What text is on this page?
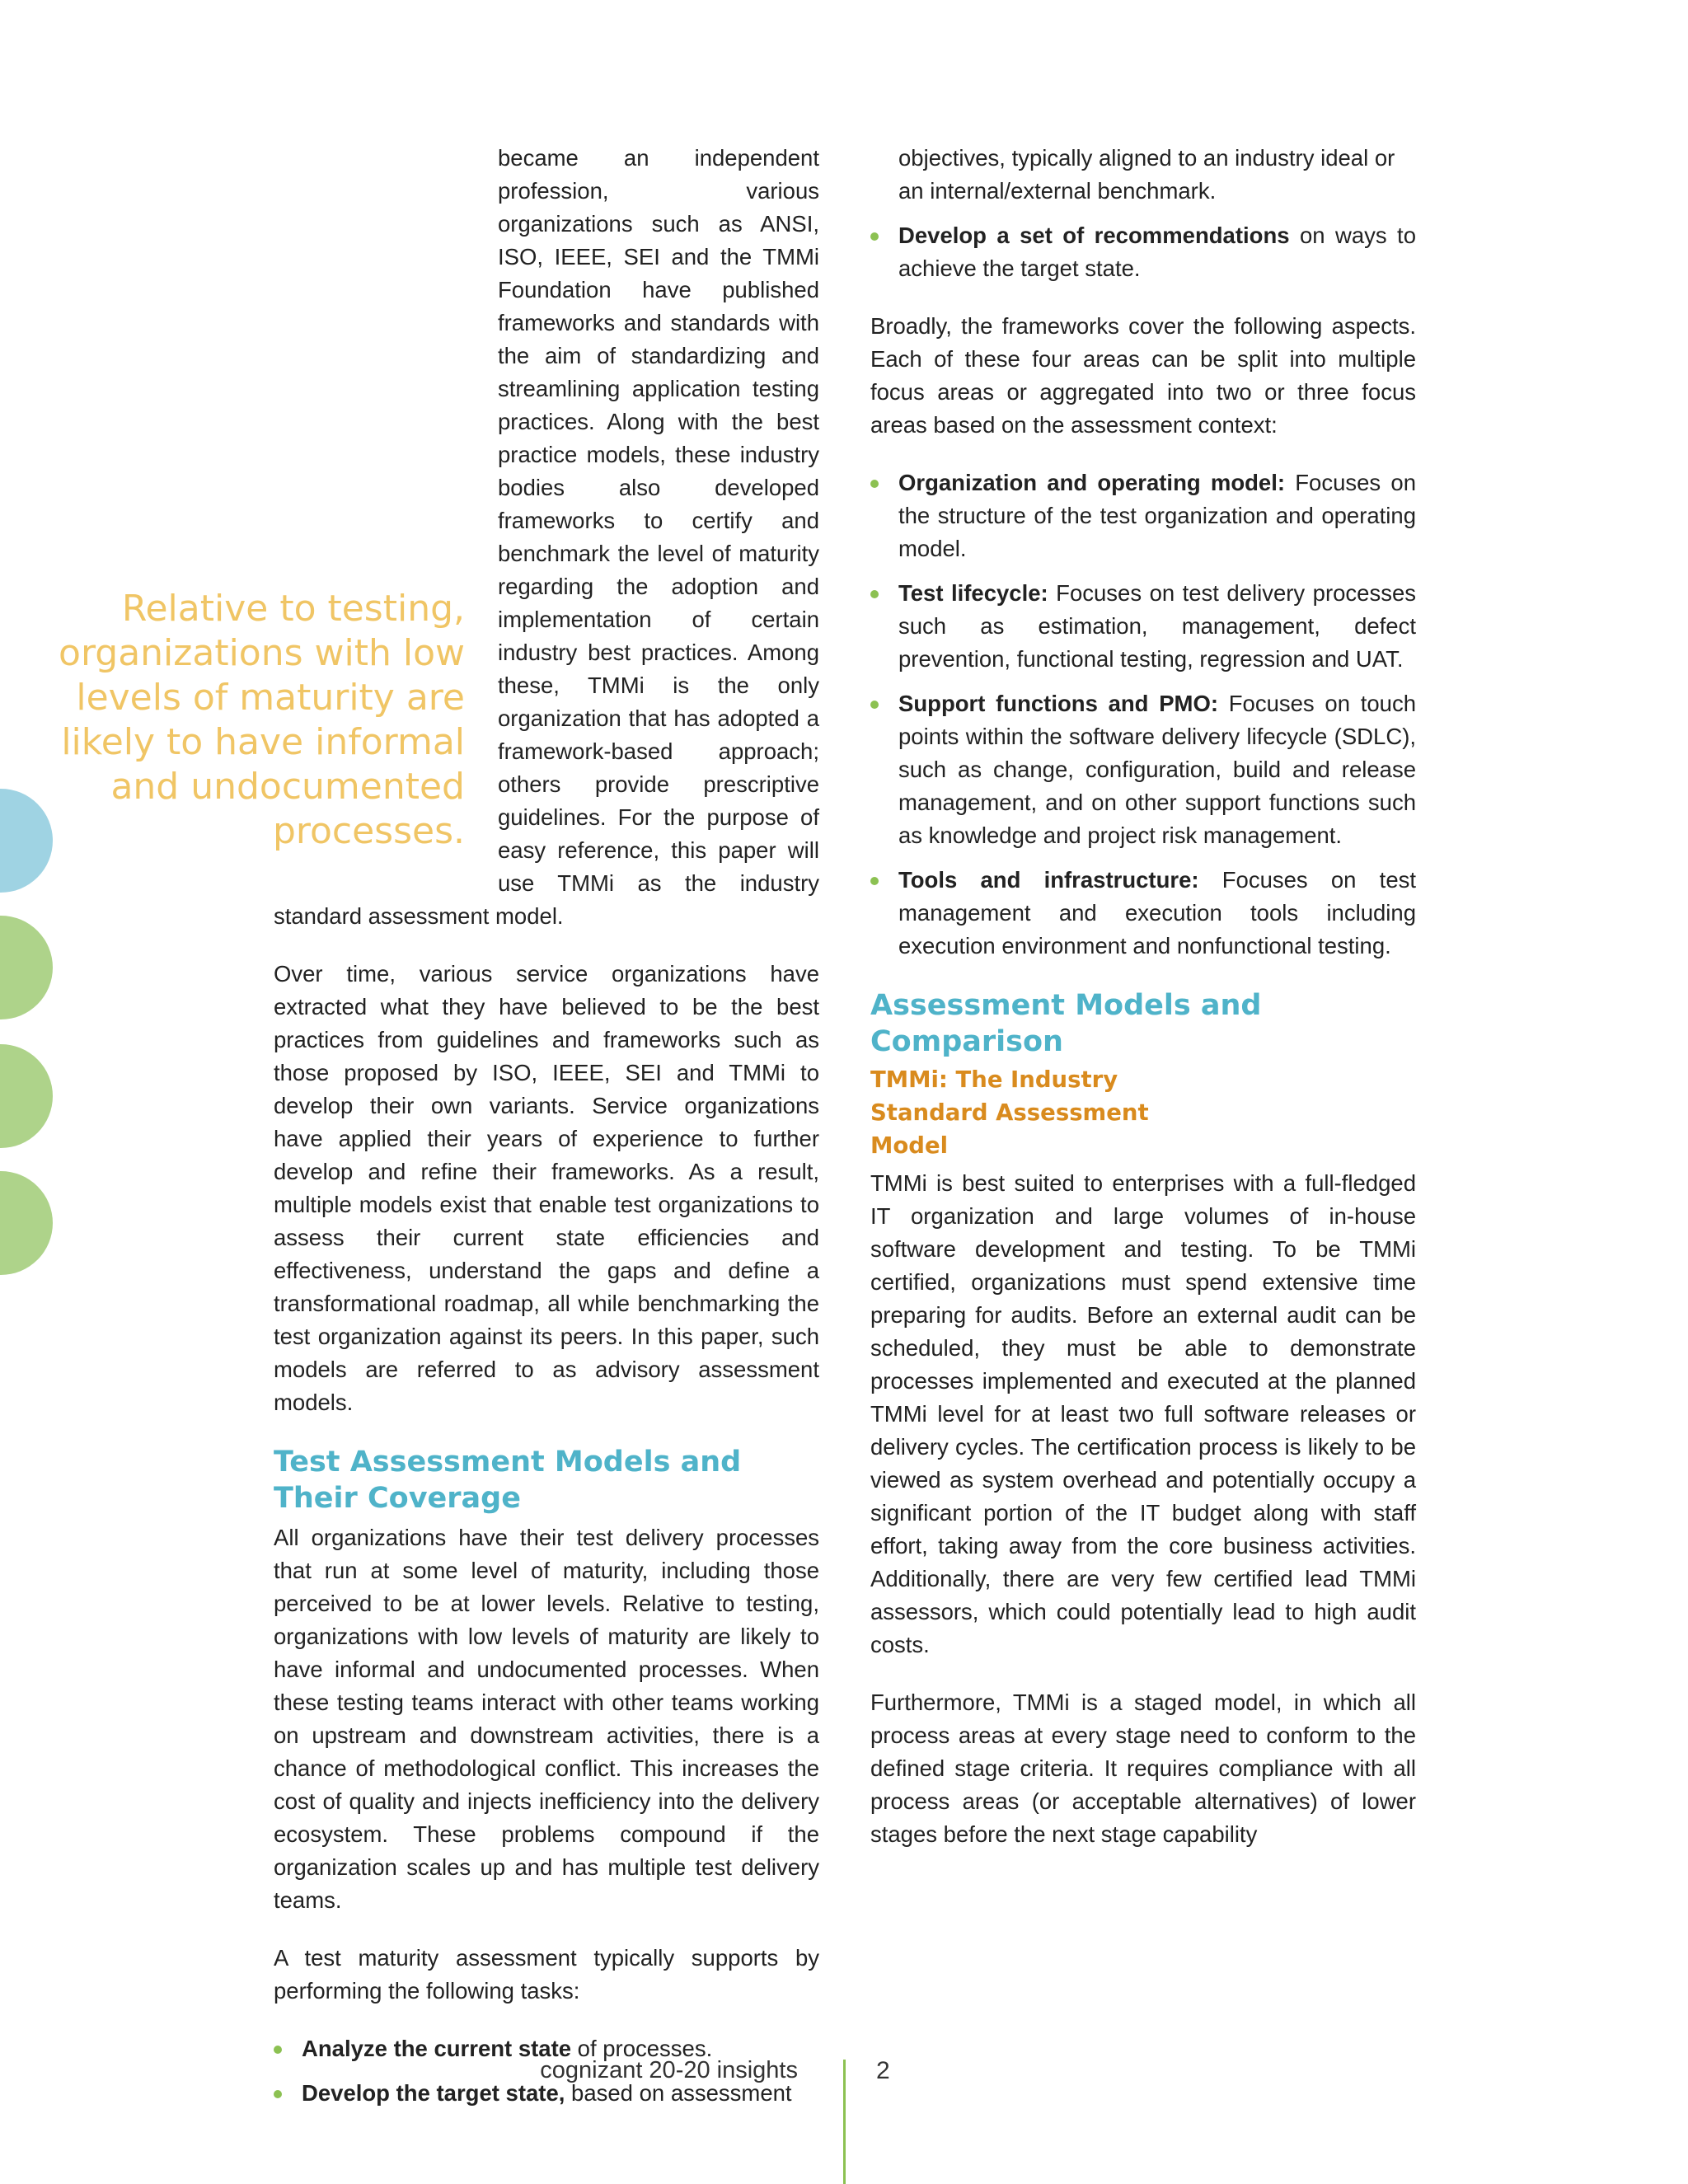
Relative to testing, organizations with low levels of maturity are likely to have informal and undocumented processes.

became an independent profession, various organizations such as ANSI, ISO, IEEE, SEI and the TMMi Foundation have published frameworks and standards with the aim of standardizing and streamlining application testing practices. Along with the best practice models, these industry bodies also developed frameworks to certify and benchmark the level of maturity regarding the adoption and implementation of certain industry best practices. Among these, TMMi is the only organization that has adopted a framework-based approach; others provide prescriptive guidelines. For the purpose of easy reference, this paper will use TMMi as the industry standard assessment model.

Over time, various service organizations have extracted what they have believed to be the best practices from guidelines and frameworks such as those proposed by ISO, IEEE, SEI and TMMi to develop their own variants. Service organizations have applied their years of experience to further develop and refine their frameworks. As a result, multiple models exist that enable test organizations to assess their current state efficiencies and effectiveness, understand the gaps and define a transformational roadmap, all while benchmarking the test organization against its peers. In this paper, such models are referred to as advisory assessment models.

Test Assessment Models and Their Coverage

All organizations have their test delivery processes that run at some level of maturity, including those perceived to be at lower levels. Relative to testing, organizations with low levels of maturity are likely to have informal and undocumented processes. When these testing teams interact with other teams working on upstream and downstream activities, there is a chance of methodological conflict. This increases the cost of quality and injects inefficiency into the delivery ecosystem. These problems compound if the organization scales up and has multiple test delivery teams.

A test maturity assessment typically supports by performing the following tasks:

Analyze the current state of processes.
Develop the target state, based on assessment

objectives, typically aligned to an industry ideal or an internal/external benchmark.

Develop a set of recommendations on ways to achieve the target state.

Broadly, the frameworks cover the following aspects. Each of these four areas can be split into multiple focus areas or aggregated into two or three focus areas based on the assessment context:

Organization and operating model: Focuses on the structure of the test organization and operating model.
Test lifecycle: Focuses on test delivery processes such as estimation, management, defect prevention, functional testing, regression and UAT.
Support functions and PMO: Focuses on touch points within the software delivery lifecycle (SDLC), such as change, configuration, build and release management, and on other support functions such as knowledge and project risk management.
Tools and infrastructure: Focuses on test management and execution tools including execution environment and nonfunctional testing.
Assessment Models and Comparison
TMMi: The Industry Standard Assessment Model

TMMi is best suited to enterprises with a full-fledged IT organization and large volumes of in-house software development and testing. To be TMMi certified, organizations must spend extensive time preparing for audits. Before an external audit can be scheduled, they must be able to demonstrate processes implemented and executed at the planned TMMi level for at least two full software releases or delivery cycles. The certification process is likely to be viewed as system overhead and potentially occupy a significant portion of the IT budget along with staff effort, taking away from the core business activities. Additionally, there are very few certified lead TMMi assessors, which could potentially lead to high audit costs.

Furthermore, TMMi is a staged model, in which all process areas at every stage need to conform to the defined stage criteria. It requires compliance with all process areas (or acceptable alternatives) of lower stages before the next stage capability

cognizant 20-20 insights	2
